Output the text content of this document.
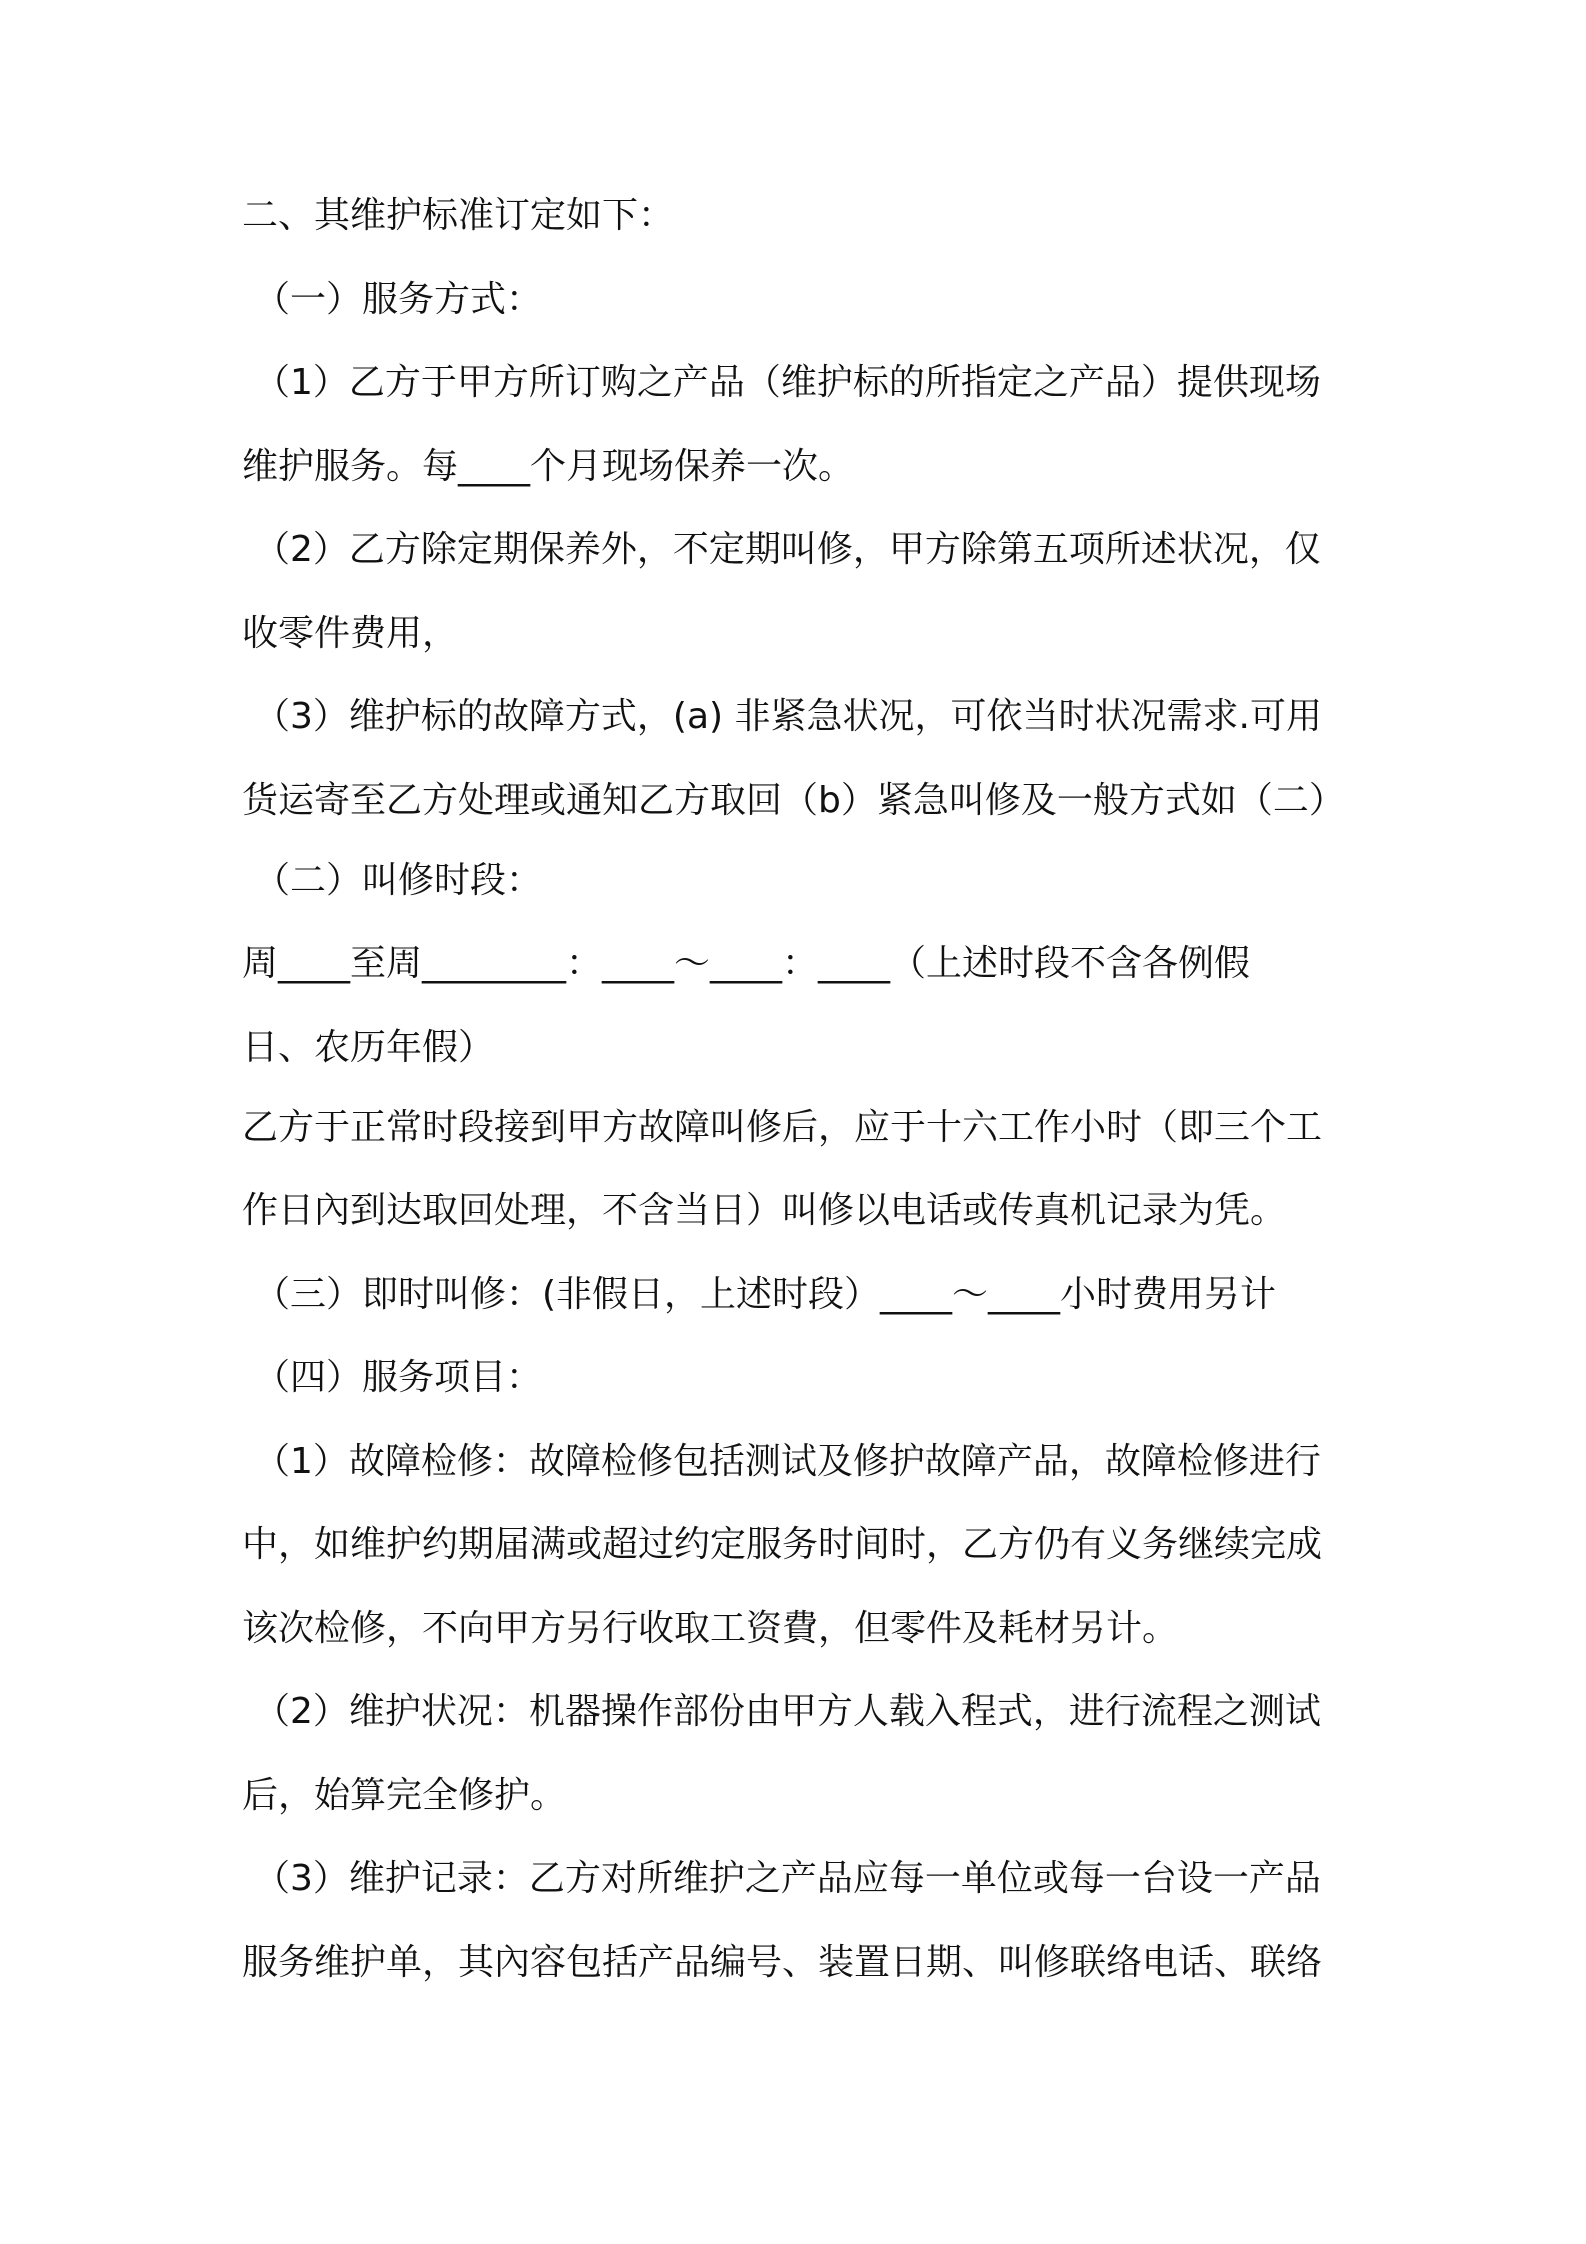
二、其维护标准订定如下：
（一）服务方式：
（1）乙方于甲方所订购之产品（维护标的所指定之产品）提供现场
维护服务。每____个月现场保养一次。
（2）乙方除定期保养外，不定期叫修，甲方除第五项所述状况，仅
收零件费用，
（3）维护标的故障方式，(a) 非紧急状况，可依当时状况需求.可用
货运寄至乙方处理或通知乙方取回（b）紧急叫修及一般方式如（二）
（二）叫修时段：
周____至周________：____～____：____（上述时段不含各例假
日、农历年假）
乙方于正常时段接到甲方故障叫修后，应于十六工作小时（即三个工
作日內到达取回处理，不含当日）叫修以电话或传真机记录为凭。
（三）即时叫修：(非假日，上述时段）____～____小时费用另计
（四）服务项目：
（1）故障检修：故障检修包括测试及修护故障产品，故障检修进行
中，如维护约期届满或超过约定服务时间时，乙方仍有义务继续完成
该次检修，不向甲方另行收取工资費，但零件及耗材另计。
（2）维护状况：机器操作部份由甲方人载入程式，进行流程之测试
后，始算完全修护。
（3）维护记录：乙方对所维护之产品应每一单位或每一台设一产品
服务维护单，其內容包括产品编号、装置日期、叫修联络电话、联络
